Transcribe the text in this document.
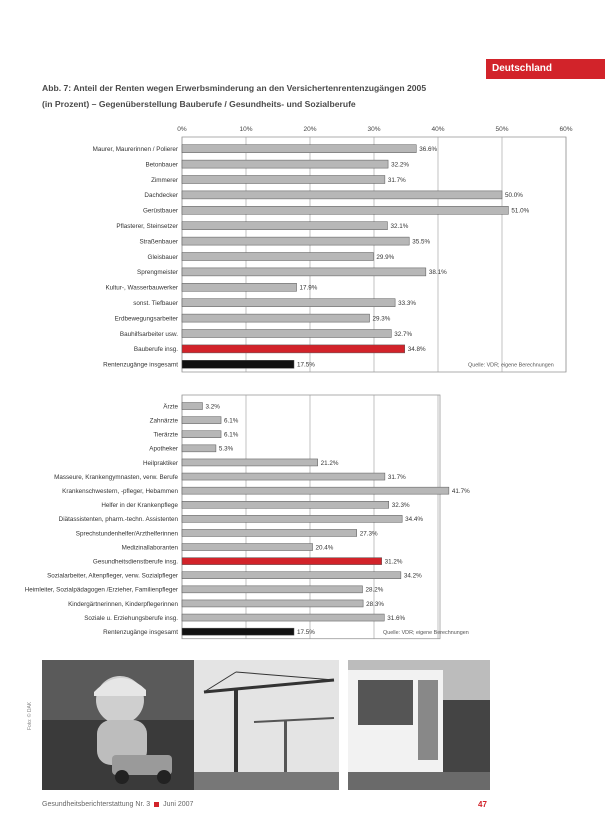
Deutschland
Abb. 7: Anteil der Renten wegen Erwerbsminderung an den Versichertenrentenzugängen 2005
(in Prozent) – Gegenüberstellung Bauberufe / Gesundheits- und Sozialberufe
0%	10%	20%	30%	40%	50%	60%
Maurer, Maurerinnen / Polierer	36.6%
Betonbauer	32.2%
Zimmerer	31.7%
Dachdecker	50.0%
Gerüstbauer	51.0%
Pflasterer, Steinsetzer	32.1%
Straßenbauer	35.5%
Gleisbauer	29.9%
Sprengmeister	38.1%
Kultur-, Wasserbauwerker	17.9%
sonst. Tiefbauer	33.3%
Erdbewegungsarbeiter	29.3%
Bauhilfsarbeiter usw.	32.7%
Bauberufe insg.	34.8%
Rentenzugänge insgesamt	17.5%	Quelle: VDR; eigene Berechnungen
Ärzte	3.2%
Zahnärzte	6.1%
Tierärzte	6.1%
Apotheker	5.3%
Heilpraktiker	21.2%
Masseure, Krankengymnasten, verw. Berufe	31.7%
Krankenschwestern, -pfleger, Hebammen	41.7%
Helfer in der Krankenpflege	32.3%
Diätassistenten, pharm.-techn. Assistenten	34.4%
Sprechstundenhelfer/Arzthelferinnen	27.3%
Medizinallaboranten	20.4%
Gesundheitsdienstberufe insg.	31.2%
Sozialarbeiter, Altenpfleger, verw. Sozialpfleger	34.2%
Heimleiter, Sozialpädagogen /Erzieher, Familienpfleger	28.2%
Kindergärtnerinnen, Kinderpflegerinnen	28.3%
Soziale u. Erziehungsberufe insg.	31.6%
Rentenzugänge insgesamt	17.5%	Quelle: VDR; eigene Berechnungen
Foto: © DAK
Gesundheitsberichterstattung Nr. 3 Juni 2007	47
